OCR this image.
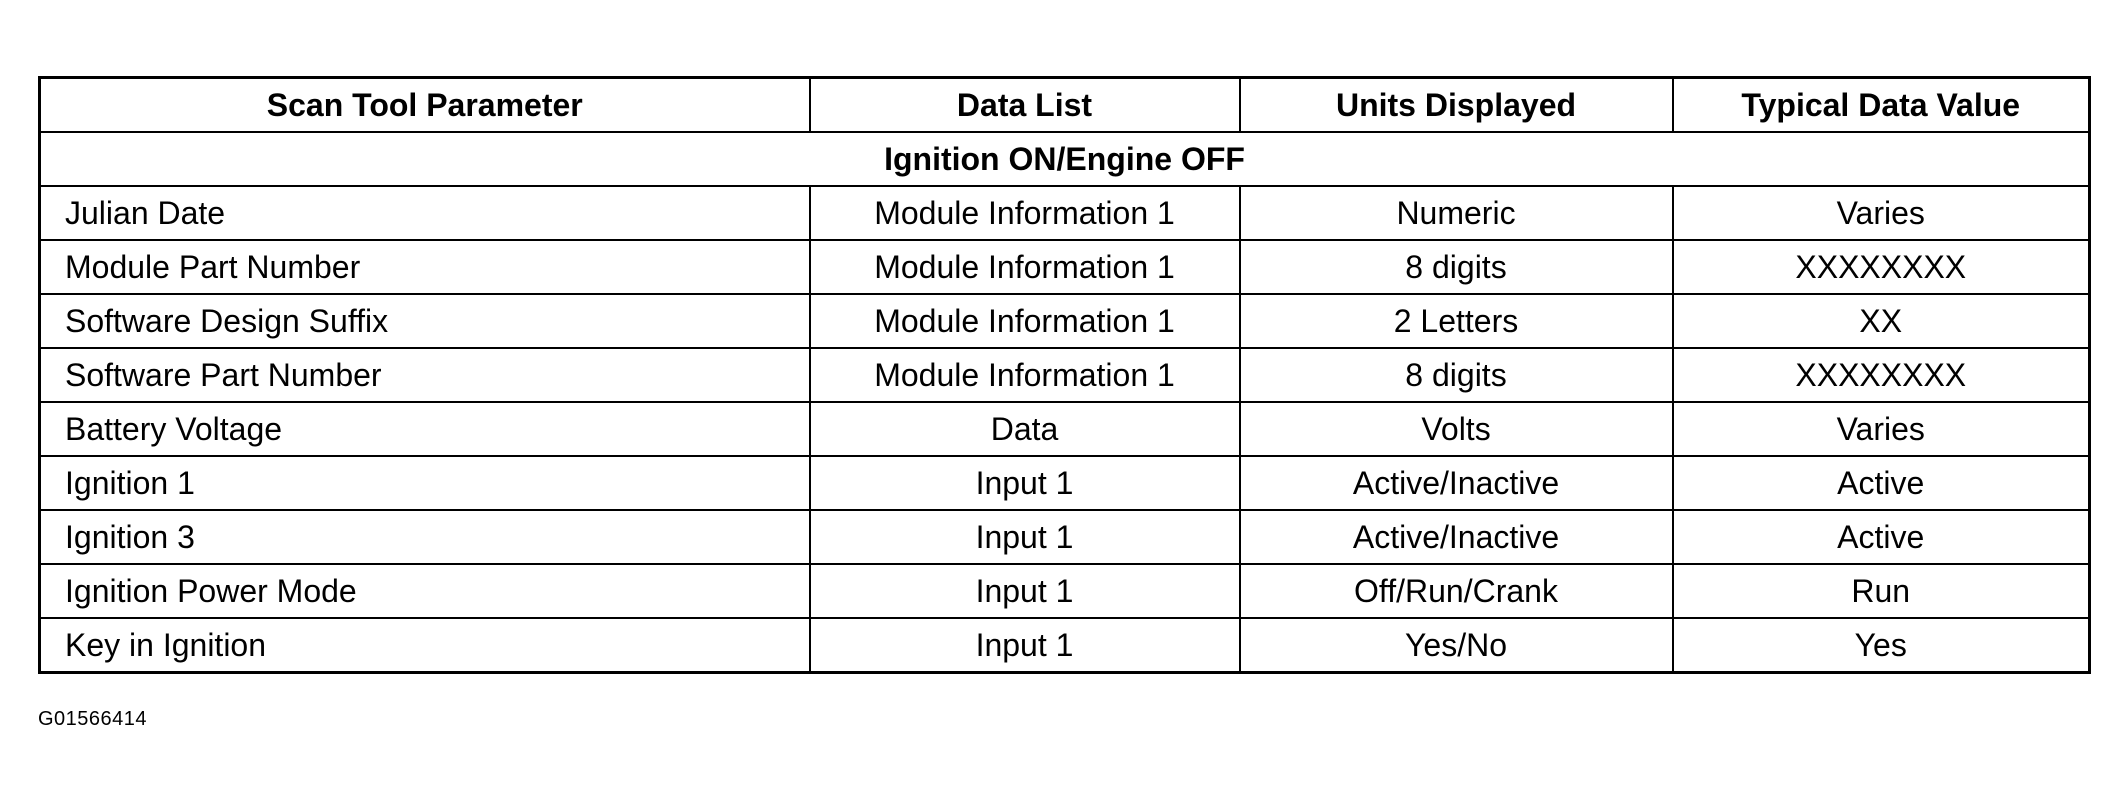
Scan Tool Parameter	Data List	Units Displayed	Typical Data Value
Ignition ON/Engine OFF			
Julian Date	Module Information 1	Numeric	Varies
Module Part Number	Module Information 1	8 digits	XXXXXXXX
Software Design Suffix	Module Information 1	2 Letters	XX
Software Part Number	Module Information 1	8 digits	XXXXXXXX
Battery Voltage	Data	Volts	Varies
Ignition 1	Input 1	Active/Inactive	Active
Ignition 3	Input 1	Active/Inactive	Active
Ignition Power Mode	Input 1	Off/Run/Crank	Run
Key in Ignition	Input 1	Yes/No	Yes
G01566414
